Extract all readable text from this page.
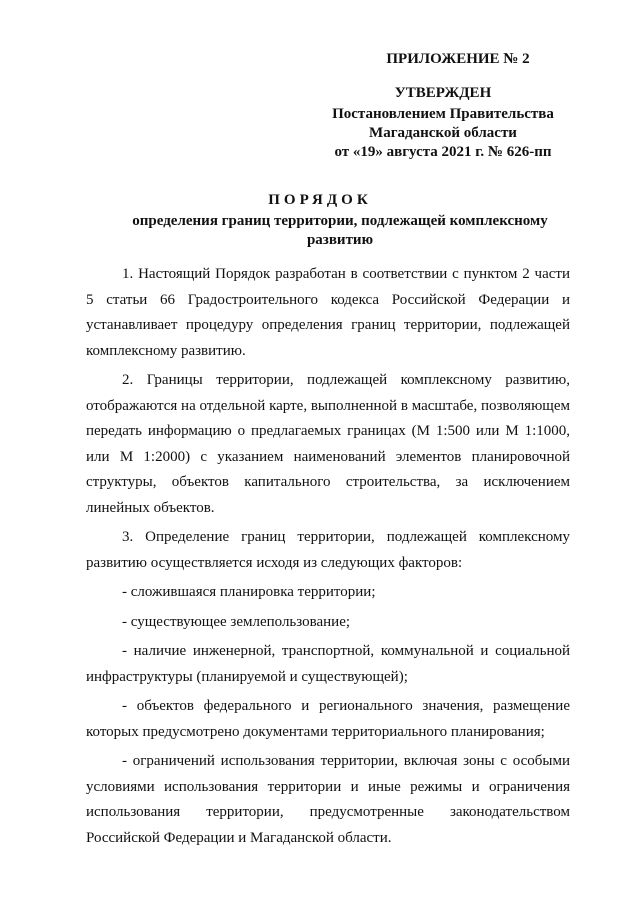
ПРИЛОЖЕНИЕ № 2
УТВЕРЖДЕН
Постановлением Правительства
Магаданской области
от «19» августа 2021 г. № 626-пп
ПОРЯДОК
определения границ территории, подлежащей комплексному развитию

1. Настоящий Порядок разработан в соответствии с пунктом 2 части 5 статьи 66 Градостроительного кодекса Российской Федерации и устанавливает процедуру определения границ территории, подлежащей комплексному развитию.

2. Границы территории, подлежащей комплексному развитию, отображаются на отдельной карте, выполненной в масштабе, позволяющем передать информацию о предлагаемых границах (М 1:500 или М 1:1000, или М 1:2000) с указанием наименований элементов планировочной структуры, объектов капитального строительства, за исключением линейных объектов.

3. Определение границ территории, подлежащей комплексному развитию осуществляется исходя из следующих факторов:

- сложившаяся планировка территории;

- существующее землепользование;

- наличие инженерной, транспортной, коммунальной и социальной инфраструктуры (планируемой и существующей);

- объектов федерального и регионального значения, размещение которых предусмотрено документами территориального планирования;

- ограничений использования территории, включая зоны с особыми условиями использования территории и иные режимы и ограничения использования территории, предусмотренные законодательством Российской Федерации и Магаданской области.
